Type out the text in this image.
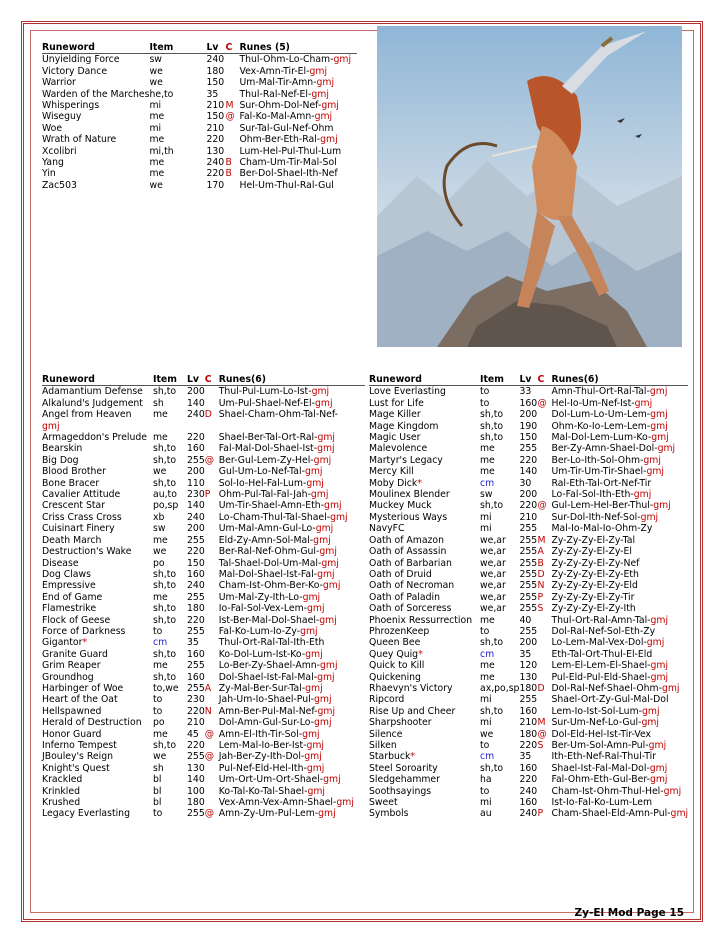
Runeword	Item	Lv	C	Runes (5)
Unyielding Force	sw	240		Thul-Ohm-Lo-Cham-gmj
Victory Dance	we	180		Vex-Amn-Tir-El-gmj
Warrior	we	150		Um-Mal-Tir-Amn-gmj
Warden of the Marches	he,to	35		Thul-Ral-Nef-El-gmj
Whisperings	mi	210	M	Sur-Ohm-Dol-Nef-gmj
Wiseguy	me	150	@	Fal-Ko-Mal-Amn-gmj
Woe	mi	210		Sur-Tal-Gul-Nef-Ohm
Wrath of Nature	me	220		Ohm-Ber-Eth-Ral-gmj
Xcolibri	mi,th	130		Lum-Hel-Pul-Thul-Lum
Yang	me	240	B	Cham-Um-Tir-Mal-Sol
Yin	me	220	B	Ber-Dol-Shael-Ith-Nef
Zac503	we	170		Hel-Um-Thul-Ral-Gul
Runeword	Item	Lv	C	Runes(6)
Adamantium Defense	sh,to	200		Thul-Pul-Lum-Lo-Ist-gmj
Alkalund's Judgement	sh	140		Um-Pul-Shael-Nef-El-gmj
Angel from Heaven	me	240	D	Shael-Cham-Ohm-Tal-Nef-
gmj				
Armageddon's Prelude	me	220		Shael-Ber-Tal-Ort-Ral-gmj
Bearskin	sh,to	160		Fal-Mal-Dol-Shael-Ist-gmj
Big Dog	sh,to	255	@	Ber-Gul-Lem-Zy-Hel-gmj
Blood Brother	we	200		Gul-Um-Lo-Nef-Tal-gmj
Bone Bracer	sh,to	110		Sol-Io-Hel-Fal-Lum-gmj
Cavalier Attitude	au,to	230	P	Ohm-Pul-Tal-Fal-Jah-gmj
Crescent Star	po,sp	140		Um-Tir-Shael-Amn-Eth-gmj
Criss Crass Cross	xb	240		Lo-Cham-Thul-Tal-Shael-gmj
Cuisinart Finery	sw	200		Um-Mal-Amn-Gul-Lo-gmj
Death March	me	255		Eld-Zy-Amn-Sol-Mal-gmj
Destruction's Wake	we	220		Ber-Ral-Nef-Ohm-Gul-gmj
Disease	po	150		Tal-Shael-Dol-Um-Mal-gmj
Dog Claws	sh,to	160		Mal-Dol-Shael-Ist-Fal-gmj
Empressive	sh,to	240		Cham-Ist-Ohm-Ber-Ko-gmj
End of Game	me	255		Um-Mal-Zy-Ith-Lo-gmj
Flamestrike	sh,to	180		Io-Fal-Sol-Vex-Lem-gmj
Flock of Geese	sh,to	220		Ist-Ber-Mal-Dol-Shael-gmj
Force of Darkness	to	255		Fal-Ko-Lum-Io-Zy-gmj
Gigantor*	cm	35		Thul-Ort-Ral-Tal-Ith-Eth
Granite Guard	sh,to	160		Ko-Dol-Lum-Ist-Ko-gmj
Grim Reaper	me	255		Lo-Ber-Zy-Shael-Amn-gmj
Groundhog	sh,to	160		Dol-Shael-Ist-Fal-Mal-gmj
Harbinger of Woe	to,we	255	A	Zy-Mal-Ber-Sur-Tal-gmj
Heart of the Oat	to	230		Jah-Um-Io-Shael-Pul-gmj
Hellspawned	to	220	N	Amn-Ber-Pul-Mal-Nef-gmj
Herald of Destruction	po	210		Dol-Amn-Gul-Sur-Lo-gmj
Honor Guard	me	45	@	Amn-El-Ith-Tir-Sol-gmj
Inferno Tempest	sh,to	220		Lem-Mal-Io-Ber-Ist-gmj
JBouley's Reign	we	255	@	Jah-Ber-Zy-Ith-Dol-gmj
Knight's Quest	sh	130		Pul-Nef-Eld-Hel-Ith-gmj
Krackled	bl	140		Um-Ort-Um-Ort-Shael-gmj
Krinkled	bl	100		Ko-Tal-Ko-Tal-Shael-gmj
Krushed	bl	180		Vex-Amn-Vex-Amn-Shael-gmj
Legacy Everlasting	to	255	@	Amn-Zy-Um-Pul-Lem-gmj
Runeword	Item	Lv	C	Runes(6)
Love Everlasting	to	33		Amn-Thul-Ort-Ral-Tal-gmj
Lust for Life	to	160	@	Hel-Io-Um-Nef-Ist-gmj
Mage Killer	sh,to	200		Dol-Lum-Lo-Um-Lem-gmj
Mage Kingdom	sh,to	190		Ohm-Ko-Io-Lem-Lem-gmj
Magic User	sh,to	150		Mal-Dol-Lem-Lum-Ko-gmj
Malevolence	me	255		Ber-Zy-Amn-Shael-Dol-gmj
Martyr's Legacy	me	220		Ber-Lo-Ith-Sol-Ohm-gmj
Mercy Kill	me	140		Um-Tir-Um-Tir-Shael-gmj
Moby Dick*	cm	30		Ral-Eth-Tal-Ort-Nef-Tir
Moulinex Blender	sw	200		Lo-Fal-Sol-Ith-Eth-gmj
Muckey Muck	sh,to	220	@	Gul-Lem-Hel-Ber-Thul-gmj
Mysterious Ways	mi	210		Sur-Dol-Ith-Nef-Sol-gmj
NavyFC	mi	255		Mal-Io-Mal-Io-Ohm-Zy
Oath of Amazon	we,ar	255	M	Zy-Zy-Zy-El-Zy-Tal
Oath of Assassin	we,ar	255	A	Zy-Zy-Zy-El-Zy-El
Oath of Barbarian	we,ar	255	B	Zy-Zy-Zy-El-Zy-Nef
Oath of Druid	we,ar	255	D	Zy-Zy-Zy-El-Zy-Eth
Oath of Necroman	we,ar	255	N	Zy-Zy-Zy-El-Zy-Eld
Oath of Paladin	we,ar	255	P	Zy-Zy-Zy-El-Zy-Tir
Oath of Sorceress	we,ar	255	S	Zy-Zy-Zy-El-Zy-Ith
Phoenix Ressurrection	me	40		Thul-Ort-Ral-Amn-Tal-gmj
PhrozenKeep	to	255		Dol-Ral-Nef-Sol-Eth-Zy
Queen Bee	sh,to	200		Lo-Lem-Mal-Vex-Dol-gmj
Quey Quig*	cm	35		Eth-Tal-Ort-Thul-El-Eld
Quick to Kill	me	120		Lem-El-Lem-El-Shael-gmj
Quickening	me	130		Pul-Eld-Pul-Eld-Shael-gmj
Rhaevyn's Victory	ax,po,sp	180	D	Dol-Ral-Nef-Shael-Ohm-gmj
Ripcord	mi	255		Shael-Ort-Zy-Gul-Mal-Dol
Rise Up and Cheer	sh,to	160		Lem-Io-Ist-Sol-Lum-gmj
Sharpshooter	mi	210	M	Sur-Um-Nef-Lo-Gul-gmj
Silence	we	180	@	Dol-Eld-Hel-Ist-Tir-Vex
Silken	to	220	S	Ber-Um-Sol-Amn-Pul-gmj
Starbuck*	cm	35		Ith-Eth-Nef-Ral-Thul-Tir
Steel Soroarity	sh,to	160		Shael-Ist-Fal-Mal-Dol-gmj
Sledgehammer	ha	220		Fal-Ohm-Eth-Gul-Ber-gmj
Soothsayings	to	240		Cham-Ist-Ohm-Thul-Hel-gmj
Sweet	mi	160		Ist-Io-Fal-Ko-Lum-Lem
Symbols	au	240	P	Cham-Shael-Eld-Amn-Pul-gmj
Zy-El Mod Page 15
